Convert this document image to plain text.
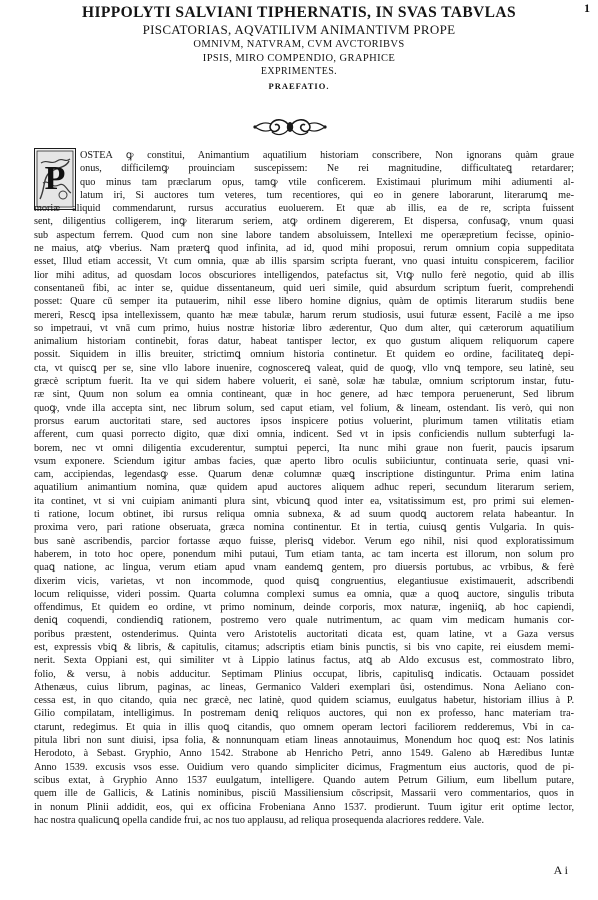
1
HIPPOLYTI SALVIANI TIPHERNATIS, IN SVAS TABVLAS
PISCATORIAS, AQVATILIVM ANIMANTIVM PROPE
OMNIVM, NATVRAM, CVM AVCTORIBVS
IPSIS, MIRO COMPENDIO, GRAPHICE
EXPRIMENTES.
PRAEFATIO.
P
OSTEA ꝙ constitui, Animantium aquatilium historiam conscribere, Non ignorans quàm graue
onus, difficilemꝙ prouinciam suscepissem: Ne rei magnitudine, difficultateꝗ retardarer;
quo minus tam præclarum opus, tamꝙ vtile conficerem. Existimaui plurimum mihi adiumenti al-
latum iri, Si auctores tum veteres, tum recentiores, qui eo in genere laborarunt, literarumꝗ me-
moriæ aliquid commendarunt, rursus accuratius euoluerem. Et quæ ab illis, ea de re, scripta fuissent
sent, diligentius colligerem, inꝙ literarum seriem, atꝙ ordinem digererem, Et dispersa, confusaꝙ, vnum quasi
sub aspectum ferrem. Quod cum non sine labore tandem absoluissem, Intellexi me operæpretium fecisse, opinio-
ne maius, atꝙ vberius. Nam præterꝗ quod infinita, ad id, quod mihi proposui, rerum omnium copia suppeditata
esset, Illud etiam accessit, Vt cum omnia, quæ ab illis sparsim scripta fuerant, vno quasi intuitu conspicerem, facilior
lior mihi aditus, ad quosdam locos obscuriores intelligendos, patefactus sit, Vtꝙ nullo ferè negotio, quid ab illis
consentaneū fibi, ac inter se, quidue dissentaneum, quid ueri simile, quid absurdum scriptum fuerit, comprehendi
posset: Quare cū semper ita putauerim, nihil esse libero homine dignius, quàm de optimis literarum studiis bene
mereri, Rescꝗ ipsa intellexissem, quanto hæ meæ tabulæ, harum rerum studiosis, usui futuræ essent, Facilè a me ipso
so impetraui, vt vnā cum primo, huius nostræ historiæ libro æderentur, Quo dum alter, qui cæterorum aquatilium
animalium historiam continebit, foras datur, habeat tantisper lector, ex quo gustum aliquem reliquorum capere
possit. Siquidem in illis breuiter, strictimꝗ omnium historia continetur. Et quidem eo ordine, facilitateꝗ depi-
cta, vt quiscꝗ per se, sine vllo labore inuenire, cognoscereꝗ valeat, quid de quoꝙ, vllo vnꝗ tempore, seu latinè, seu
græcè scriptum fuerit. Ita ve qui sidem habere voluerit, ei sanè, solæ hæ tabulæ, omnium scriptorum instar, futu-
ræ sint, Quum non solum ea omnia contineant, quæ in hoc genere, ad hæc tempora peruenerunt, Sed librum
quoꝙ, vnde illa accepta sint, nec librum solum, sed caput etiam, vel folium, & lineam, ostendant. Iis verò, qui non
prorsus earum auctoritati stare, sed auctores ipsos inspicere potius voluerint, plurimum tamen vtilitatis etiam
afferent, cum quasi porrecto digito, quæ dixi omnia, indicent. Sed vt in ipsis conficiendis nullum subterfugi la-
borem, nec vt omni diligentia excuderentur, sumptui peperci, Ita nunc mihi graue non fuerit, paucis ipsarum
vsum exponere. Sciendum igitur ambas facies, quæ aperto libro oculis subiiciuntur, continuata serie, quasi vni-
cam, accipiendas, legendasꝙ esse. Quarum denæ columnæ quæꝗ inscriptione distinguntur. Prima enim latina
aquatilium animantium nomina, quæ quidem apud auctores aliquem adhuc reperi, secundum literarum seriem,
ita continet, vt si vni cuipiam animanti plura sint, vbicunꝗ quod inter ea, vsitatissimum est, pro primi sui elemen-
ti ratione, locum obtinet, ibi rursus reliqua omnia subnexa, & ad suum quodꝗ auctorem relata habeantur. In
proxima vero, pari ratione obseruata, græca nomina continentur. Et in tertia, cuiusꝗ gentis Vulgaria. In quis-
bus sanè ascribendis, parcior fortasse æquo fuisse, plerisꝗ videbor. Verum ego nihil, nisi quod exploratissimum
haberem, in toto hoc opere, ponendum mihi putaui, Tum etiam tanta, ac tam incerta est illorum, non solum pro
quaꝗ natione, ac lingua, verum etiam apud vnam eandemꝗ gentem, pro diuersis portubus, ac vrbibus, & ferè
dixerim vicis, varietas, vt non incommode, quod quisꝗ congruentius, elegantiusue existimauerit, adscribendi
locum reliquisse, videri possim. Quarta columna complexi sumus ea omnia, quæ a quoꝗ auctore, singulis tributa
offendimus, Et quidem eo ordine, vt primo nominum, deinde corporis, mox naturæ, ingeniiꝗ, ab hoc capiendi,
deniꝗ coquendi, condiendiꝗ rationem, postremo vero quale nutrimentum, ac quam vim medicam humanis cor-
poribus præstent, ostenderimus. Quinta vero Aristotelis auctoritati dicata est, quam latine, vt a Gaza versus
est, expressis vbiꝗ & libris, & capitulis, citamus; adscriptis etiam binis punctis, si bis vno capite, rei eiusdem memi-
nerit. Sexta Oppiani est, qui similiter vt à Lippio latinus factus, atꝗ ab Aldo excusus est, commostrato libro,
folio, & versu, à nobis adducitur. Septimam Plinius occupat, libris, capitulisꝗ indicatis. Octauam possidet
Athenæus, cuius librum, paginas, ac lineas, Germanico Valderi exemplari ūsi, ostendimus. Nona Aeliano con-
cessa est, in quo citando, quia nec græcè, nec latinè, quod quidem sciamus, euulgatus habetur, historiam illius à P.
Gilio compilatam, intelligimus. In postremam deniꝗ reliquos auctores, qui non ex professo, hanc materiam tra-
ctarunt, redegimus. Et quia in illis quoꝗ citandis, quo omnem operam lectori faciliorem redderemus, Vbi in ca-
pitula libri non sunt diuisi, ipsa folia, & nonnunquam etiam lineas annotauimus, Monendum hoc quoꝗ est: Nos latinis
Herodoto, à Sebast. Gryphio, Anno 1542. Strabone ab Henricho Petri, anno 1549. Galeno ab Hæredibus Iuntæ
Anno 1539. excusis vsos esse. Ouidium vero quando simpliciter dicimus, Fragmentum eius auctoris, quod de pi-
scibus extat, à Gryphio Anno 1537 euulgatum, intelligere. Quando autem Petrum Gilium, eum libellum putare,
quem ille de Gallicis, & Latinis nominibus, pisciū Massiliensium cōscripsit, Massarii vero commentarios, quos in
in nonum Plinii addidit, eos, qui ex officina Frobeniana Anno 1537. prodierunt. Tuum igitur erit optime lector,
hac nostra qualicunꝗ opella candide frui, ac nos tuo applausu, ad reliqua prosequenda alacriores reddere. Vale.
A i
